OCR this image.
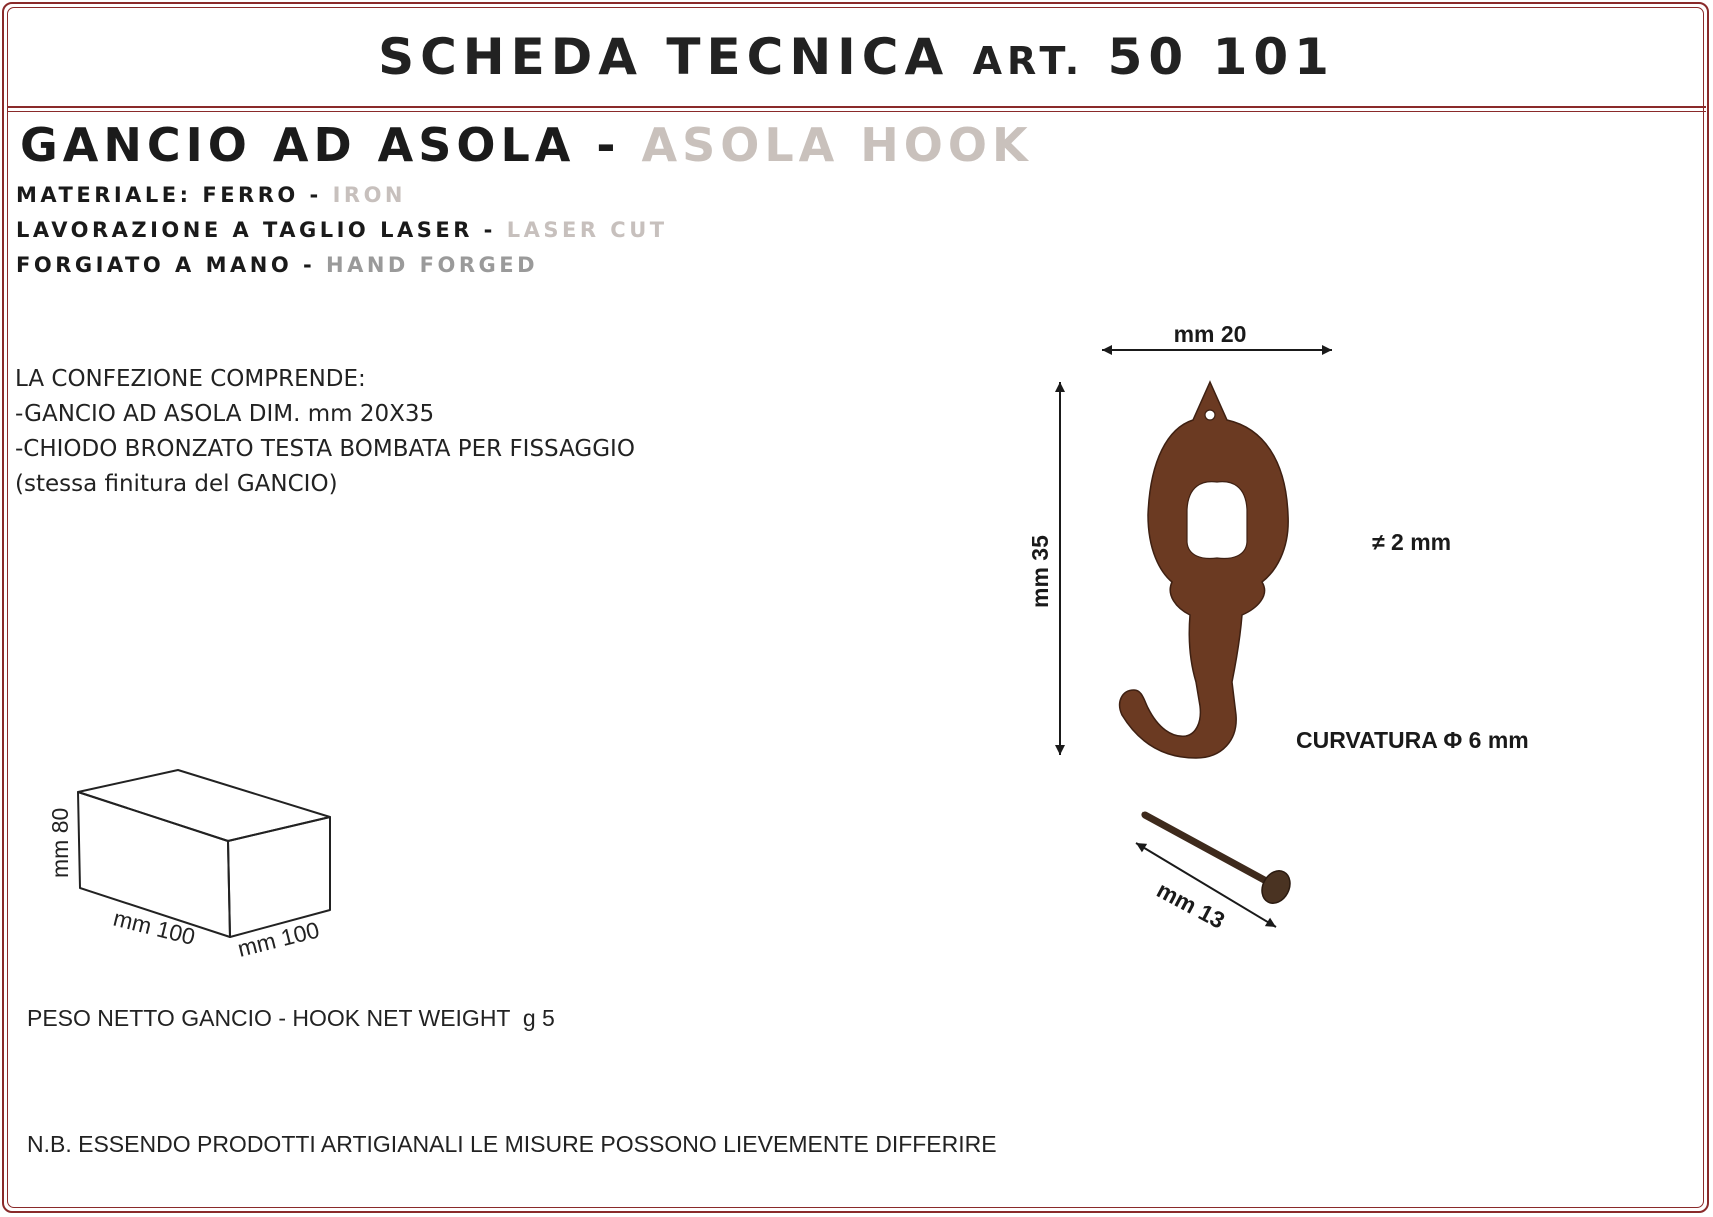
SCHEDA TECNICA ART. 50 101
GANCIO AD ASOLA - ASOLA HOOK
MATERIALE: FERRO - IRON
LAVORAZIONE A TAGLIO LASER - LASER CUT
FORGIATO A MANO - HAND FORGED
LA CONFEZIONE COMPRENDE:
-GANCIO AD ASOLA DIM. mm 20X35
-CHIODO BRONZATO TESTA BOMBATA PER FISSAGGIO
(stessa finitura del GANCIO)
mm 80
mm 100 mm 100
mm 20
mm 35	≠ 2 mm
mm 13
CURVATURA Φ 6 mm
PESO NETTO GANCIO - HOOK NET WEIGHT  g 5
N.B. ESSENDO PRODOTTI ARTIGIANALI LE MISURE POSSONO LIEVEMENTE DIFFERIRE
